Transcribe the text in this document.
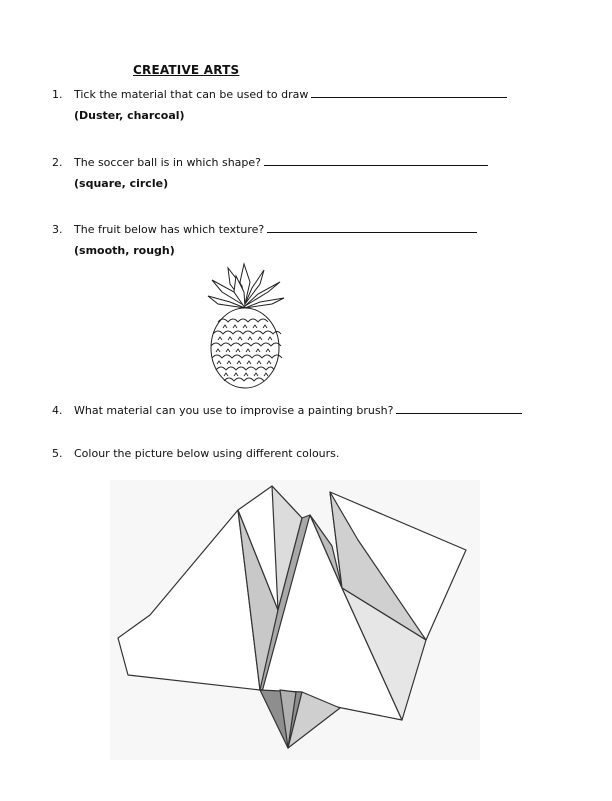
CREATIVE ARTS
1. Tick the material that can be used to draw
(Duster, charcoal)
2. The soccer ball is in which shape?
(square, circle)
3. The fruit below has which texture?
(smooth, rough)
4. What material can you use to improvise a painting brush?
5. Colour the picture below using different colours.
